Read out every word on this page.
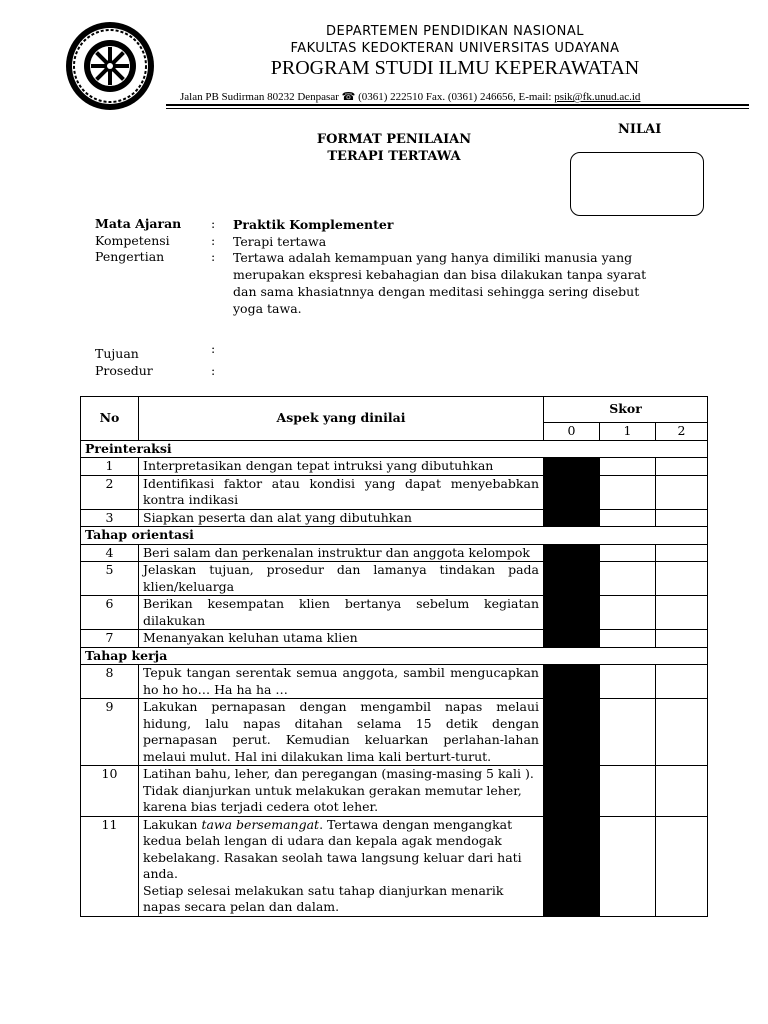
DEPARTEMEN PENDIDIKAN NASIONAL
FAKULTAS KEDOKTERAN UNIVERSITAS UDAYANA
PROGRAM STUDI ILMU KEPERAWATAN
Jalan PB Sudirman 80232 Denpasar ☎ (0361) 222510 Fax. (0361) 246656, E-mail: psik@fk.unud.ac.id
FORMAT PENILAIAN
TERAPI TERTAWA
NILAI
Mata Ajaran : Praktik Komplementer
Kompetensi	: Terapi tertawa
Pengertian	: Tertawa adalah kemampuan yang hanya dimiliki manusia yang merupakan ekspresi kebahagian dan bisa dilakukan tanpa syarat dan sama khasiatnnya dengan meditasi sehingga sering disebut yoga tawa.
:
Tujuan
Prosedur	:
No	Aspek yang dinilai	Skor		
		0	1	2
Preinteraksi				
1	Interpretasikan dengan tepat intruksi yang dibutuhkan			
2	Identifikasi faktor atau kondisi yang dapat menyebabkan kontra indikasi			
3	Siapkan peserta dan alat yang dibutuhkan			
Tahap orientasi				
4	Beri salam dan perkenalan instruktur dan anggota kelompok			
5	Jelaskan tujuan, prosedur dan lamanya tindakan pada klien/keluarga			
6	Berikan kesempatan klien bertanya sebelum kegiatan dilakukan			
7	Menanyakan keluhan utama klien			
Tahap kerja				
8	Tepuk tangan serentak semua anggota, sambil mengucapkan ho ho ho… Ha ha ha …			
9	Lakukan pernapasan dengan mengambil napas melaui hidung, lalu napas ditahan selama 15 detik dengan pernapasan perut. Kemudian keluarkan perlahan-lahan melaui mulut. Hal ini dilakukan lima kali berturt-turut.			
10	Latihan bahu, leher, dan peregangan (masing-masing 5 kali ). Tidak dianjurkan untuk melakukan gerakan memutar leher, karena bias terjadi cedera otot leher.			
11	Lakukan tawa bersemangat. Tertawa dengan mengangkat kedua belah lengan di udara dan kepala agak mendogak kebelakang. Rasakan seolah tawa langsung keluar dari hati anda.
Setiap selesai melakukan satu tahap dianjurkan menarik napas secara pelan dan dalam.			
